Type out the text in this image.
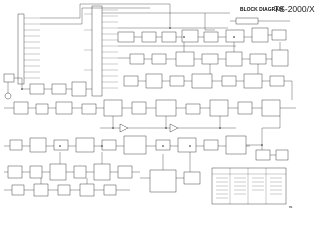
BLOCK DIAGRAM
TS-2000/X
89
